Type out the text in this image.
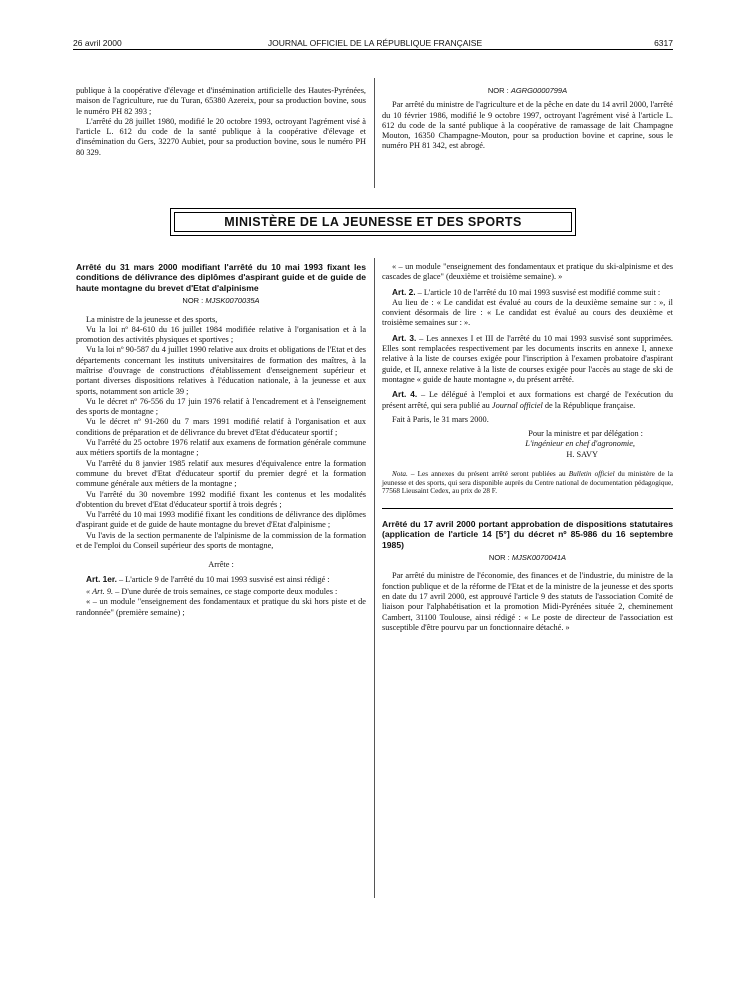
26 avril 2000	JOURNAL OFFICIEL DE LA RÉPUBLIQUE FRANÇAISE	6317

publique à la coopérative d'élevage et d'insémination artificielle des Hautes-Pyrénées, maison de l'agriculture, rue du Turan, 65380 Azereix, pour sa production bovine, sous le numéro PH 82 393 ;

L'arrêté du 28 juillet 1980, modifié le 20 octobre 1993, octroyant l'agrément visé à l'article L. 612 du code de la santé publique à la coopérative d'élevage et d'insémination du Gers, 32270 Aubiet, pour sa production bovine, sous le numéro PH 80 329.

NOR : AGRG0000799A

Par arrêté du ministre de l'agriculture et de la pêche en date du 14 avril 2000, l'arrêté du 10 février 1986, modifié le 9 octobre 1997, octroyant l'agrément visé à l'article L. 612 du code de la santé publique à la coopérative de ramassage de lait Champagne Mouton, 16350 Champagne-Mouton, pour sa production bovine et caprine, sous le numéro PH 81 342, est abrogé.

MINISTÈRE DE LA JEUNESSE ET DES SPORTS
Arrêté du 31 mars 2000 modifiant l'arrêté du 10 mai 1993 fixant les conditions de délivrance des diplômes d'aspirant guide et de guide de haute montagne du brevet d'Etat d'alpinisme

NOR : MJSK0070035A

La ministre de la jeunesse et des sports,

Vu la loi nº 84-610 du 16 juillet 1984 modifiée relative à l'organisation et à la promotion des activités physiques et sportives ;

Vu la loi nº 90-587 du 4 juillet 1990 relative aux droits et obligations de l'Etat et des départements concernant les instituts universitaires de formation des maîtres, à la maîtrise d'ouvrage de constructions d'établissement d'enseignement supérieur et portant diverses dispositions relatives à l'éducation nationale, à la jeunesse et aux sports, notamment son article 39 ;

Vu le décret nº 76-556 du 17 juin 1976 relatif à l'encadrement et à l'enseignement des sports de montagne ;

Vu le décret nº 91-260 du 7 mars 1991 modifié relatif à l'organisation et aux conditions de préparation et de délivrance du brevet d'Etat d'éducateur sportif ;

Vu l'arrêté du 25 octobre 1976 relatif aux examens de formation générale commune aux métiers sportifs de la montagne ;

Vu l'arrêté du 8 janvier 1985 relatif aux mesures d'équivalence entre la formation commune du brevet d'Etat d'éducateur sportif du premier degré et la formation commune générale aux métiers de la montagne ;

Vu l'arrêté du 30 novembre 1992 modifié fixant les contenus et les modalités d'obtention du brevet d'Etat d'éducateur sportif à trois degrés ;

Vu l'arrêté du 10 mai 1993 modifié fixant les conditions de délivrance des diplômes d'aspirant guide et de guide de haute montagne du brevet d'Etat d'alpinisme ;

Vu l'avis de la section permanente de l'alpinisme de la commission de la formation et de l'emploi du Conseil supérieur des sports de montagne,

Arrête :

Art. 1er. – L'article 9 de l'arrêté du 10 mai 1993 susvisé est ainsi rédigé :

« Art. 9. – D'une durée de trois semaines, ce stage comporte deux modules :

« – un module "enseignement des fondamentaux et pratique du ski hors piste et de randonnée" (première semaine) ;

« – un module "enseignement des fondamentaux et pratique du ski-alpinisme et des cascades de glace" (deuxième et troisième semaine). »

Art. 2. – L'article 10 de l'arrêté du 10 mai 1993 susvisé est modifié comme suit :

Au lieu de : « Le candidat est évalué au cours de la deuxième semaine sur : », il convient désormais de lire : « Le candidat est évalué au cours des deuxième et troisième semaines sur : ».

Art. 3. – Les annexes I et III de l'arrêté du 10 mai 1993 susvisé sont supprimées. Elles sont remplacées respectivement par les documents inscrits en annexe I, annexe relative à la liste de courses exigée pour l'inscription à l'examen probatoire d'aspirant guide, et II, annexe relative à la liste de courses exigée pour l'accès au stage de ski de montagne « guide de haute montagne », du présent arrêté.

Art. 4. – Le délégué à l'emploi et aux formations est chargé de l'exécution du présent arrêté, qui sera publié au Journal officiel de la République française.

Fait à Paris, le 31 mars 2000.

Pour la ministre et par délégation :

L'ingénieur en chef d'agronomie,

H. SAVY

Nota. – Les annexes du présent arrêté seront publiées au Bulletin officiel du ministère de la jeunesse et des sports, qui sera disponible auprès du Centre national de documentation pédagogique, 77568 Lieusaint Cedex, au prix de 28 F.

Arrêté du 17 avril 2000 portant approbation de dispositions statutaires (application de l'article 14 [5°] du décret nº 85-986 du 16 septembre 1985)

NOR : MJSK0070041A

Par arrêté du ministre de l'économie, des finances et de l'industrie, du ministre de la fonction publique et de la réforme de l'Etat et de la ministre de la jeunesse et des sports en date du 17 avril 2000, est approuvé l'article 9 des statuts de l'association Comité de liaison pour l'alphabétisation et la promotion Midi-Pyrénées située 2, cheminement Cambert, 31100 Toulouse, ainsi rédigé : « Le poste de directeur de l'association est susceptible d'être pourvu par un fonctionnaire détaché. »
